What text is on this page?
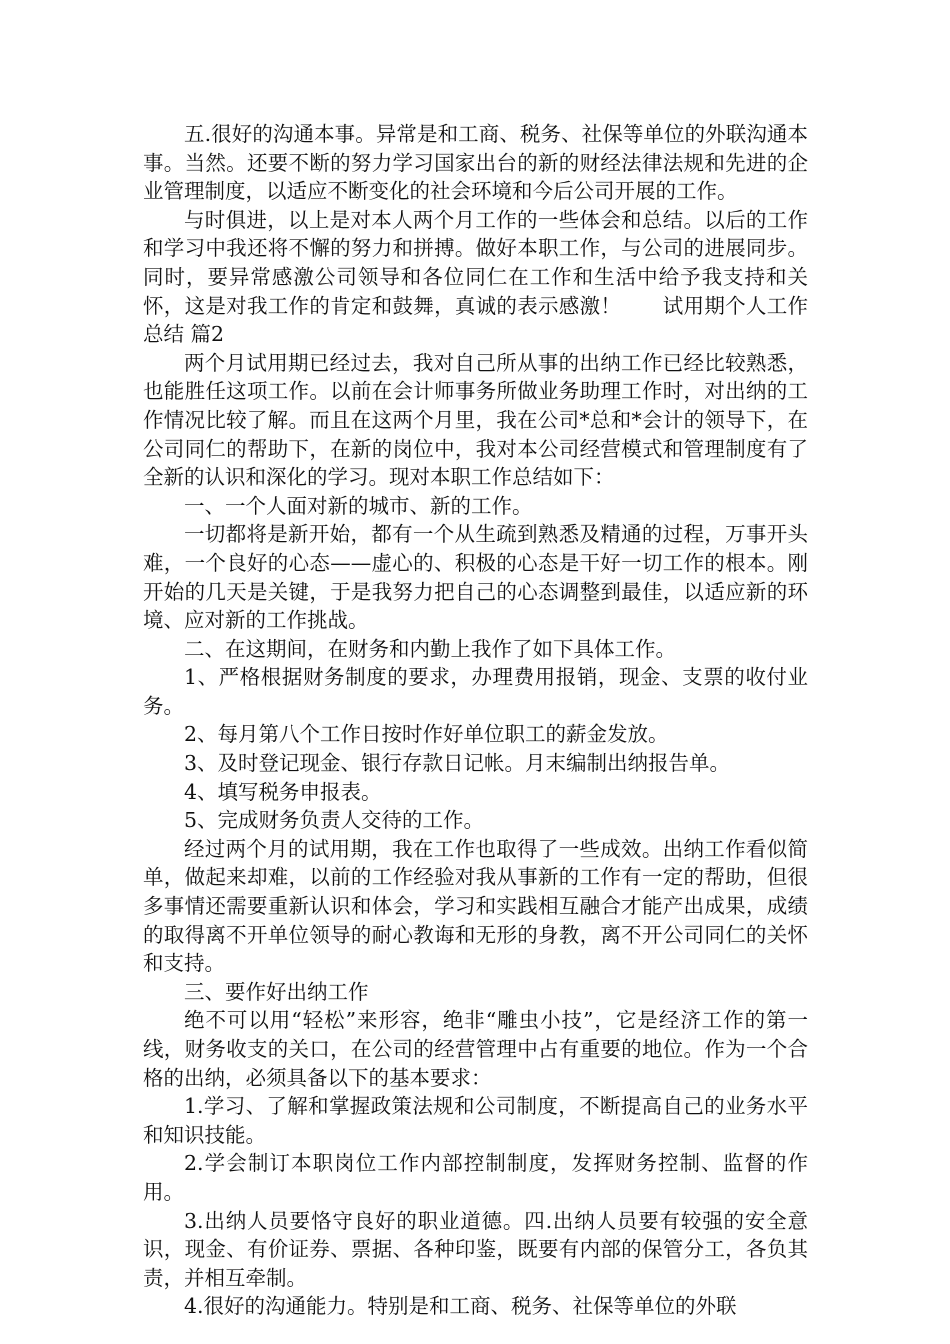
五.很好的沟通本事。异常是和工商、税务、社保等单位的外联沟通本事。当然。还要不断的努力学习国家出台的新的财经法律法规和先进的企业管理制度，以适应不断变化的社会环境和今后公司开展的工作。

与时俱进，以上是对本人两个月工作的一些体会和总结。以后的工作和学习中我还将不懈的努力和拼搏。做好本职工作，与公司的进展同步。同时，要异常感激公司领导和各位同仁在工作和生活中给予我支持和关怀，这是对我工作的肯定和鼓舞，真诚的表示感激！　　试用期个人工作总结 篇2

两个月试用期已经过去，我对自己所从事的出纳工作已经比较熟悉，也能胜任这项工作。以前在会计师事务所做业务助理工作时，对出纳的工作情况比较了解。而且在这两个月里，我在公司*总和*会计的领导下，在公司同仁的帮助下，在新的岗位中，我对本公司经营模式和管理制度有了全新的认识和深化的学习。现对本职工作总结如下：

一、一个人面对新的城市、新的工作。

一切都将是新开始，都有一个从生疏到熟悉及精通的过程，万事开头难，一个良好的心态——虚心的、积极的心态是干好一切工作的根本。刚开始的几天是关键，于是我努力把自己的心态调整到最佳，以适应新的环境、应对新的工作挑战。

二、在这期间，在财务和内勤上我作了如下具体工作。

1、严格根据财务制度的要求，办理费用报销，现金、支票的收付业务。

2、每月第八个工作日按时作好单位职工的薪金发放。

3、及时登记现金、银行存款日记帐。月末编制出纳报告单。

4、填写税务申报表。

5、完成财务负责人交待的工作。

经过两个月的试用期，我在工作也取得了一些成效。出纳工作看似简单，做起来却难，以前的工作经验对我从事新的工作有一定的帮助，但很多事情还需要重新认识和体会，学习和实践相互融合才能产出成果，成绩的取得离不开单位领导的耐心教诲和无形的身教，离不开公司同仁的关怀和支持。

三、要作好出纳工作

绝不可以用“轻松”来形容，绝非“雕虫小技”，它是经济工作的第一线，财务收支的关口，在公司的经营管理中占有重要的地位。作为一个合格的出纳，必须具备以下的基本要求：

1.学习、了解和掌握政策法规和公司制度，不断提高自己的业务水平和知识技能。

2.学会制订本职岗位工作内部控制制度，发挥财务控制、监督的作用。

3.出纳人员要恪守良好的职业道德。四.出纳人员要有较强的安全意识，现金、有价证券、票据、各种印鉴，既要有内部的保管分工，各负其责，并相互牵制。

4.很好的沟通能力。特别是和工商、税务、社保等单位的外联
